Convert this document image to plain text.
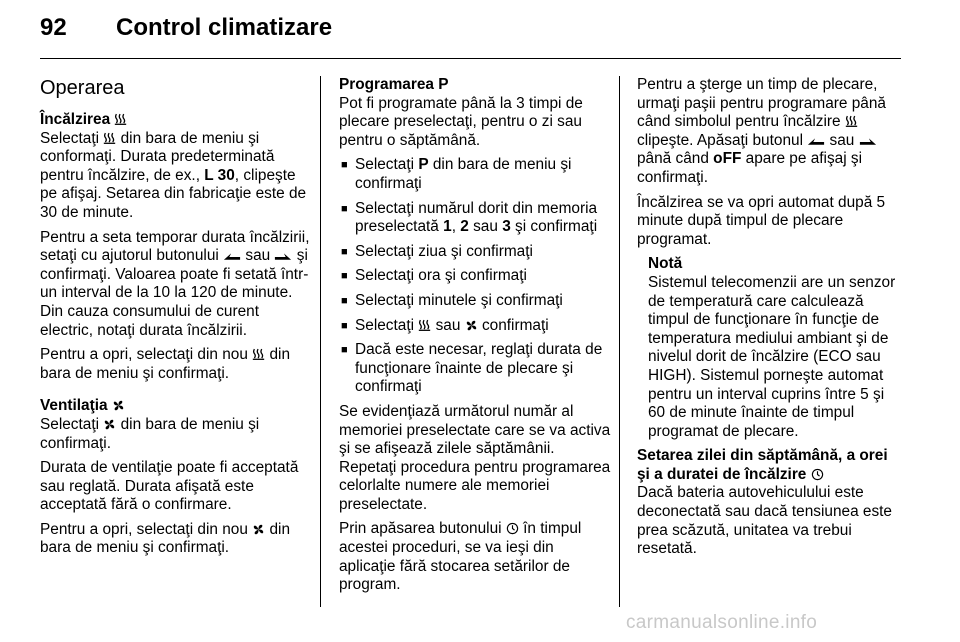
92	Control climatizare
Operarea
Încălzirea

Selectaţi  din bara de meniu şi conformaţi. Durata predeterminată pentru încălzire, de ex., L 30, clipeşte pe afişaj. Setarea din fabricaţie este de 30 de minute.

Pentru a seta temporar durata încălzirii, setaţi cu ajutorul butonului  sau  şi confirmaţi. Valoarea poate fi setată într-un interval de la 10 la 120 de minute. Din cauza consumului de curent electric, notaţi durata încălzirii.

Pentru a opri, selectaţi din nou  din bara de meniu şi confirmaţi.

Ventilaţia

Selectaţi  din bara de meniu şi confirmaţi.

Durata de ventilaţie poate fi acceptată sau reglată. Durata afişată este acceptată fără o confirmare.

Pentru a opri, selectaţi din nou  din bara de meniu şi confirmaţi.

Programarea P

Pot fi programate până la 3 timpi de plecare preselectaţi, pentru o zi sau pentru o săptămână.

■ Selectaţi P din bara de meniu şi confirmaţi
■ Selectaţi numărul dorit din memoria preselectată 1, 2 sau 3 şi confirmaţi
■ Selectaţi ziua şi confirmaţi
■ Selectaţi ora şi confirmaţi
■ Selectaţi minutele şi confirmaţi
■ Selectaţi  sau  confirmaţi
■ Dacă este necesar, reglaţi durata de funcţionare înainte de plecare şi confirmaţi

Se evidenţiază următorul număr al memoriei preselectate care se va activa şi se afişează zilele săptămânii. Repetaţi procedura pentru programarea celorlalte numere ale memoriei preselectate.

Prin apăsarea butonului  în timpul acestei proceduri, se va ieşi din aplicaţie fără stocarea setărilor de program.

Pentru a şterge un timp de plecare, urmaţi paşii pentru programare până când simbolul pentru încălzire  clipeşte. Apăsaţi butonul  sau  până când oFF apare pe afişaj şi confirmaţi.

Încălzirea se va opri automat după 5 minute după timpul de plecare programat.

Notă
Sistemul telecomenzii are un senzor de temperatură care calculează timpul de funcţionare în funcţie de temperatura mediului ambiant şi de nivelul dorit de încălzire (ECO sau HIGH). Sistemul porneşte automat pentru un interval cuprins între 5 şi 60 de minute înainte de timpul programat de plecare.
Setarea zilei din săptămână, a orei şi a duratei de încălzire

Dacă bateria autovehiculului este deconectată sau dacă tensiunea este prea scăzută, unitatea va trebui resetată.

carmanualsonline.info
